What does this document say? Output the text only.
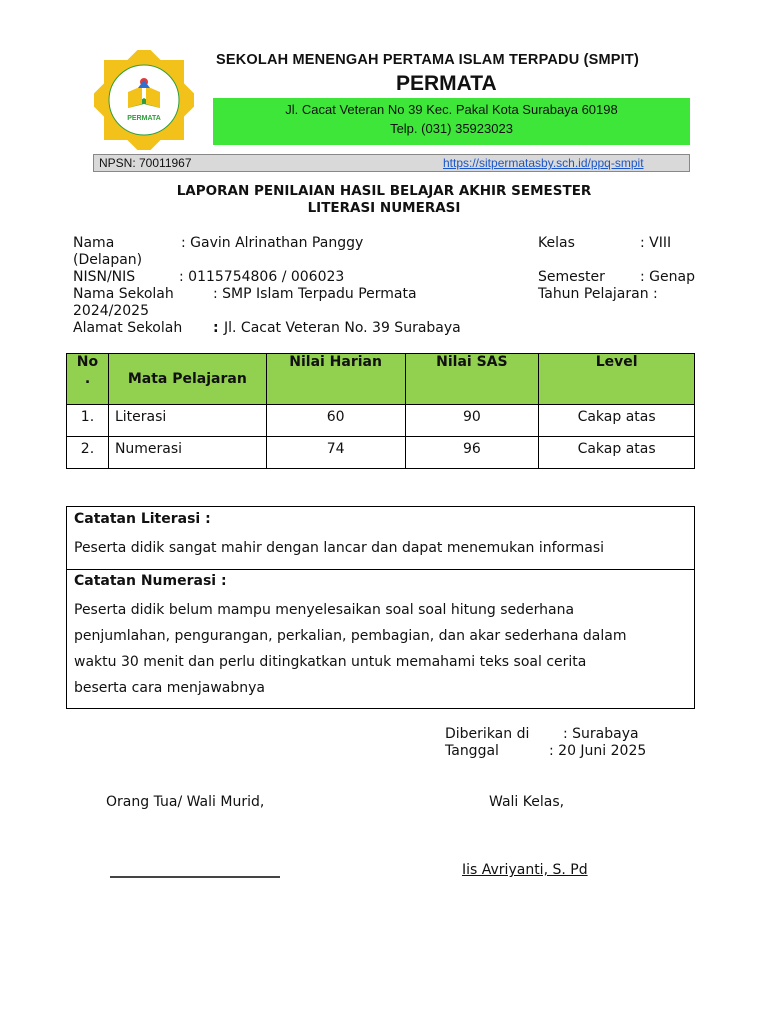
PERMATA
SEKOLAH MENENGAH PERTAMA ISLAM TERPADU (SMPIT)
PERMATA
Jl. Cacat Veteran No 39 Kec. Pakal Kota Surabaya 60198
Telp. (031) 35923023
NPSN: 70011967	https://sitpermatasby.sch.id/ppq-smpit
LAPORAN PENILAIAN HASIL BELAJAR AKHIR SEMESTER
LITERASI NUMERASI
Nama	: Gavin Alrinathan Panggy	Kelas	: VIII
(Delapan)
NISN/NIS	: 0115754806 / 006023	Semester	: Genap
Nama Sekolah	: SMP Islam Terpadu Permata	Tahun Pelajaran :
2024/2025
Alamat Sekolah : Jl. Cacat Veteran No. 39 Surabaya
No
.	Mata Pelajaran	Nilai Harian	Nilai SAS	Level
1.	Literasi	60	90	Cakap atas
2.	Numerasi	74	96	Cakap atas
Catatan Literasi :
Peserta didik sangat mahir dengan lancar dan dapat menemukan informasi
Catatan Numerasi :
Peserta didik belum mampu menyelesaikan soal soal hitung sederhana
penjumlahan, pengurangan, perkalian, pembagian, dan akar sederhana dalam
waktu 30 menit dan perlu ditingkatkan untuk memahami teks soal cerita
beserta cara menjawabnya
Diberikan di : Surabaya
Tanggal	: 20 Juni 2025
Orang Tua/ Wali Murid,	Wali Kelas,
Iis Avriyanti, S. Pd
